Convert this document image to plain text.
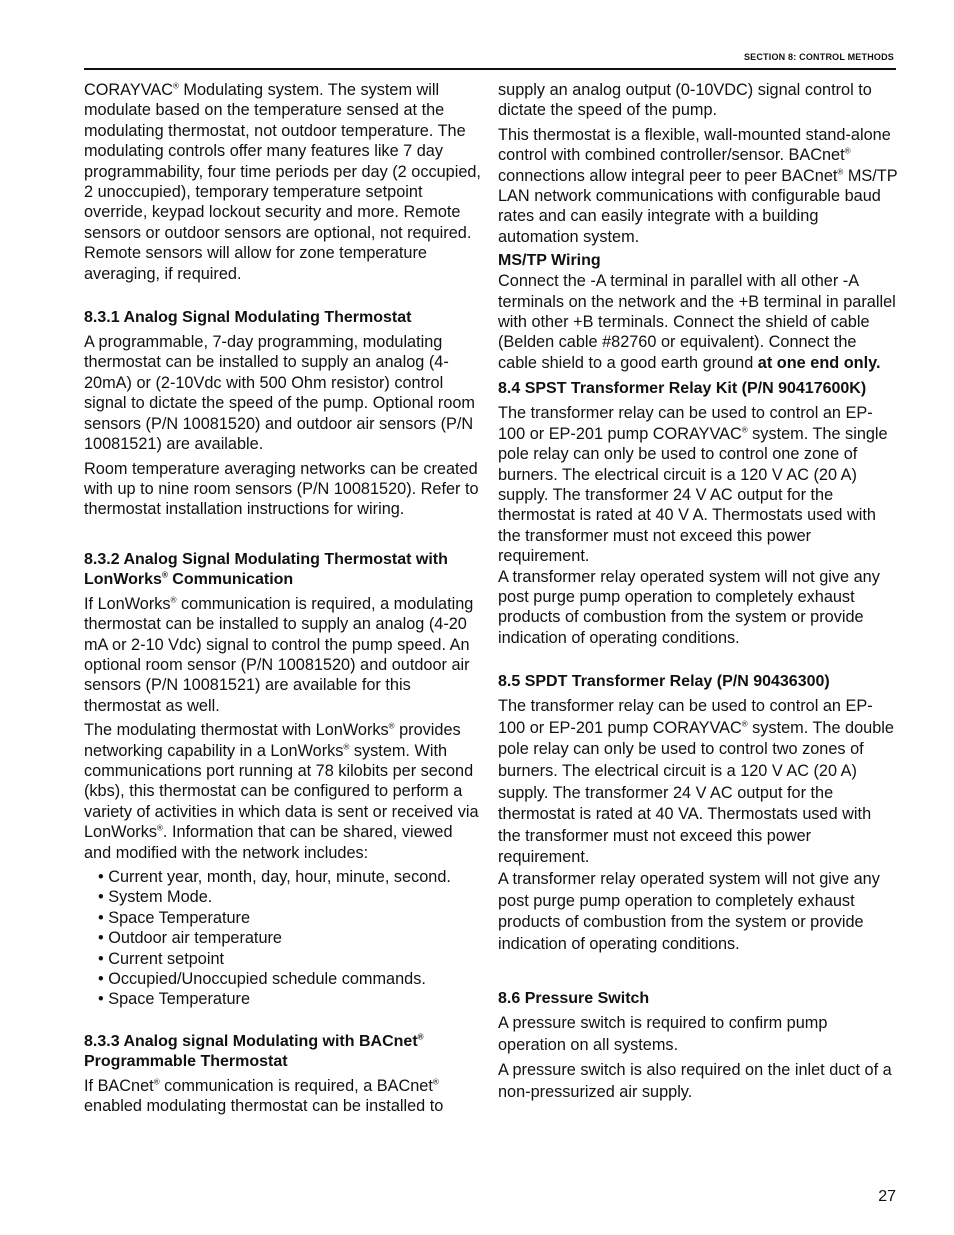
SECTION 8: CONTROL METHODS

CORAYVAC® Modulating system. The system will modulate based on the temperature sensed at the modulating thermostat, not outdoor temperature. The modulating controls offer many features like 7 day programmability, four time periods per day (2 occupied, 2 unoccupied), temporary temperature setpoint override, keypad lockout security and more. Remote sensors or outdoor sensors are optional, not required. Remote sensors will allow for zone temperature averaging, if required.

8.3.1 Analog Signal Modulating Thermostat

A programmable, 7-day programming, modulating thermostat can be installed to supply an analog (4-20mA) or (2-10Vdc with 500 Ohm resistor) control signal to dictate the speed of the pump. Optional room sensors (P/N 10081520) and outdoor air sensors (P/N 10081521) are available.

Room temperature averaging networks can be created with up to nine room sensors (P/N 10081520). Refer to thermostat installation instructions for wiring.

8.3.2 Analog Signal Modulating Thermostat with LonWorks® Communication

If LonWorks® communication is required, a modulating thermostat can be installed to supply an analog (4-20 mA or 2-10 Vdc) signal to control the pump speed. An optional room sensor (P/N 10081520) and outdoor air sensors (P/N 10081521) are available for this thermostat as well.

The modulating thermostat with LonWorks® provides networking capability in a LonWorks® system. With communications port running at 78 kilobits per second (kbs), this thermostat can be configured to perform a variety of activities in which data is sent or received via LonWorks®. Information that can be shared, viewed and modified with the network includes:

• Current year, month, day, hour, minute, second.
• System Mode.
• Space Temperature
• Outdoor air temperature
• Current setpoint
• Occupied/Unoccupied schedule commands.
• Space Temperature

8.3.3 Analog signal Modulating with BACnet® Programmable Thermostat

If BACnet® communication is required, a BACnet® enabled modulating thermostat can be installed to

supply an analog output (0-10VDC) signal control to dictate the speed of the pump.

This thermostat is a flexible, wall-mounted stand-alone control with combined controller/sensor. BACnet® connections allow integral peer to peer BACnet® MS/TP LAN network communications with configurable baud rates and can easily integrate with a building automation system.

MS/TP Wiring

Connect the -A terminal in parallel with all other -A terminals on the network and the +B terminal in parallel with other +B terminals. Connect the shield of cable (Belden cable #82760 or equivalent). Connect the cable shield to a good earth ground at one end only.

8.4 SPST Transformer Relay Kit (P/N 90417600K)

The transformer relay can be used to control an EP-100 or EP-201 pump CORAYVAC® system. The single pole relay can only be used to control one zone of burners. The electrical circuit is a 120 V AC (20 A) supply. The transformer 24 V AC output for the thermostat is rated at 40 V A. Thermostats used with the transformer must not exceed this power requirement.

A transformer relay operated system will not give any post purge pump operation to completely exhaust products of combustion from the system or provide indication of operating conditions.

8.5 SPDT Transformer Relay (P/N 90436300)

The transformer relay can be used to control an EP-100 or EP-201 pump CORAYVAC® system. The double pole relay can only be used to control two zones of burners. The electrical circuit is a 120 V AC (20 A) supply. The transformer 24 V AC output for the thermostat is rated at 40 VA. Thermostats used with the transformer must not exceed this power requirement.

A transformer relay operated system will not give any post purge pump operation to completely exhaust products of combustion from the system or provide indication of operating conditions.

8.6 Pressure Switch

A pressure switch is required to confirm pump operation on all systems.

A pressure switch is also required on the inlet duct of a non-pressurized air supply.

27
